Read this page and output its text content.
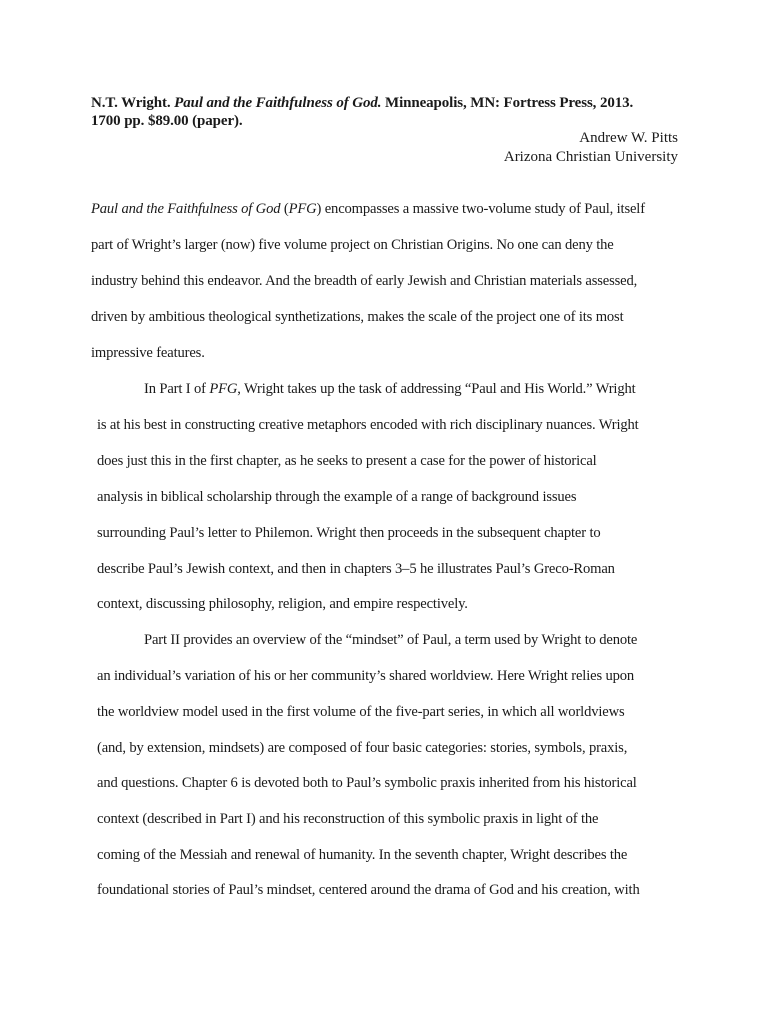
N.T. Wright. Paul and the Faithfulness of God. Minneapolis, MN: Fortress Press, 2013.
1700 pp. $89.00 (paper).
Andrew W. Pitts
Arizona Christian University
Paul and the Faithfulness of God (PFG) encompasses a massive two-volume study of Paul, itself
part of Wright’s larger (now) five volume project on Christian Origins. No one can deny the
industry behind this endeavor. And the breadth of early Jewish and Christian materials assessed,
driven by ambitious theological synthetizations, makes the scale of the project one of its most
impressive features.
In Part I of PFG, Wright takes up the task of addressing “Paul and His World.” Wright
is at his best in constructing creative metaphors encoded with rich disciplinary nuances. Wright
does just this in the first chapter, as he seeks to present a case for the power of historical
analysis in biblical scholarship through the example of a range of background issues
surrounding Paul’s letter to Philemon. Wright then proceeds in the subsequent chapter to
describe Paul’s Jewish context, and then in chapters 3–5 he illustrates Paul’s Greco-Roman
context, discussing philosophy, religion, and empire respectively.
Part II provides an overview of the “mindset” of Paul, a term used by Wright to denote
an individual’s variation of his or her community’s shared worldview. Here Wright relies upon
the worldview model used in the first volume of the five-part series, in which all worldviews
(and, by extension, mindsets) are composed of four basic categories: stories, symbols, praxis,
and questions. Chapter 6 is devoted both to Paul’s symbolic praxis inherited from his historical
context (described in Part I) and his reconstruction of this symbolic praxis in light of the
coming of the Messiah and renewal of humanity. In the seventh chapter, Wright describes the
foundational stories of Paul’s mindset, centered around the drama of God and his creation, with
